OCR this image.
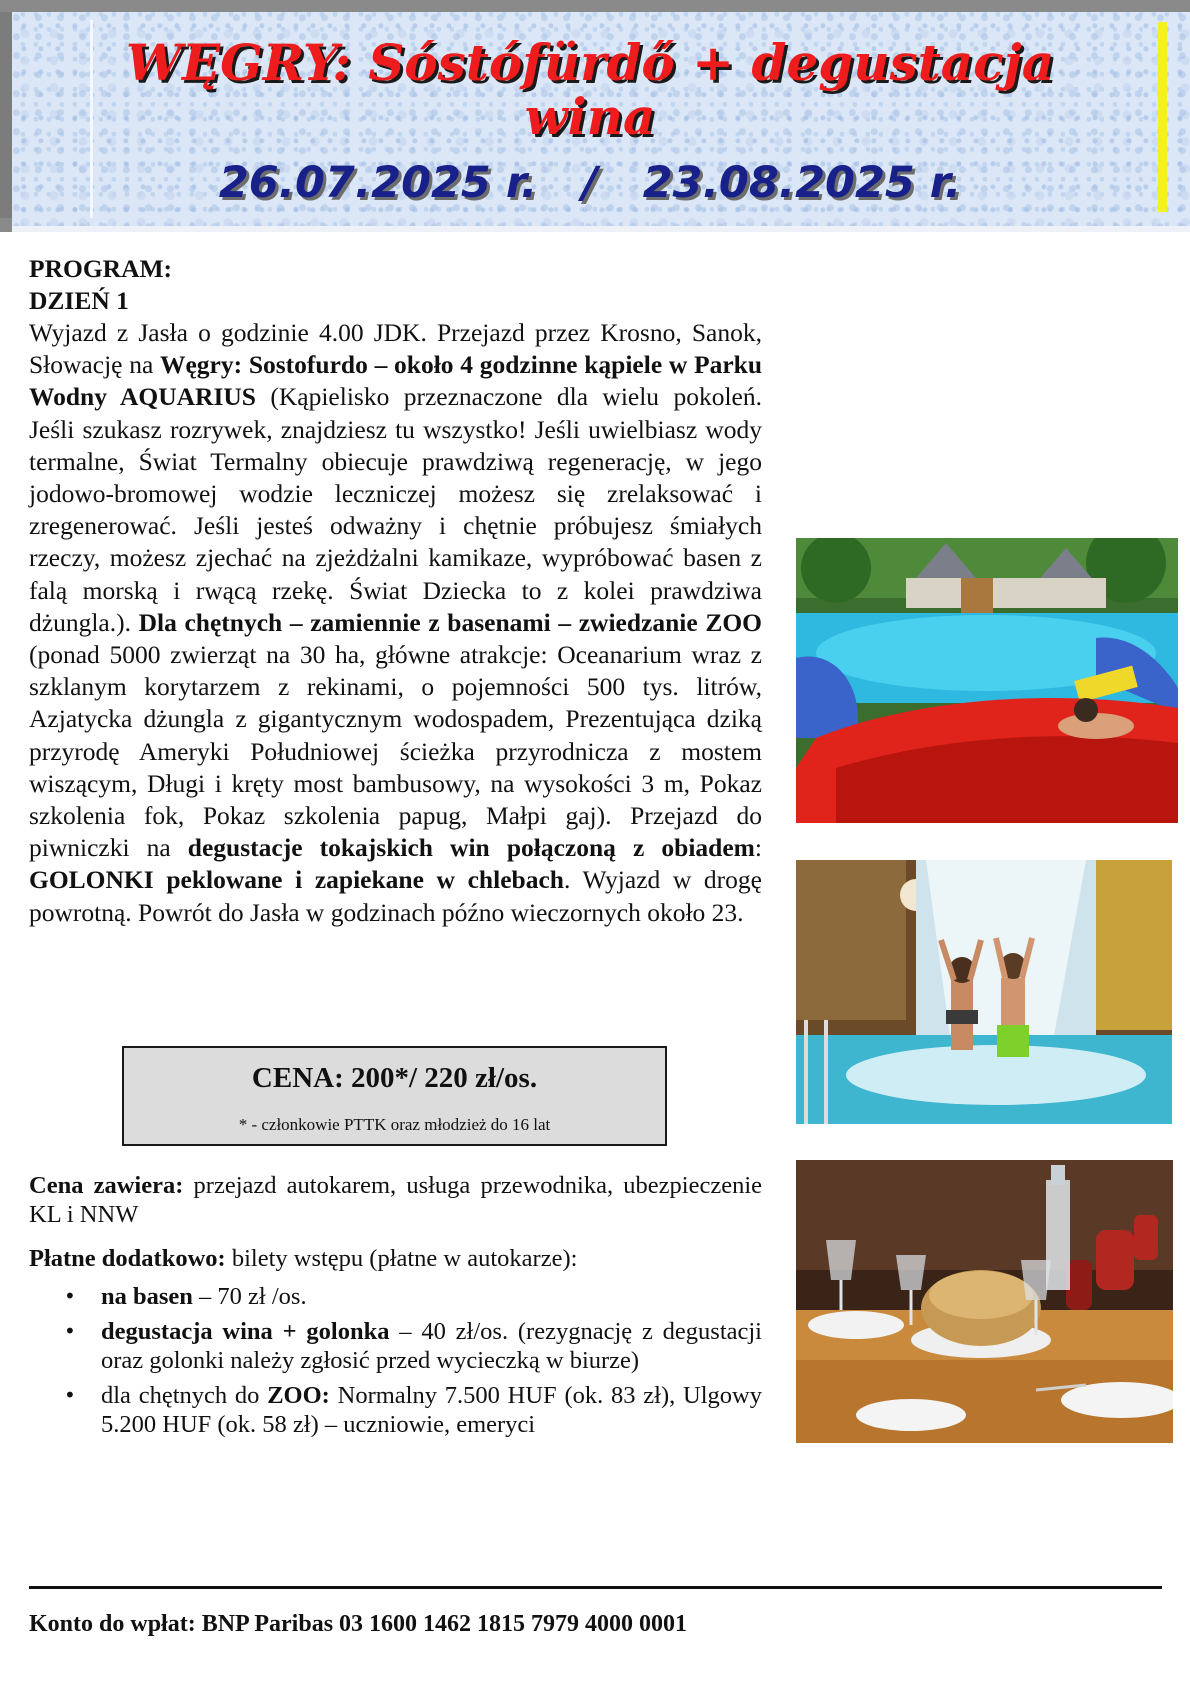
WĘGRY: Sóstófürdő + degustacja wina
26.07.2025 r.   /   23.08.2025 r.
PROGRAM:
DZIEŃ 1

Wyjazd z Jasła o godzinie 4.00 JDK. Przejazd przez Krosno, Sanok, Słowację na Węgry: Sostofurdo – około 4 godzinne kąpiele w Parku Wodny AQUARIUS (Kąpielisko przeznaczone dla wielu pokoleń. Jeśli szukasz rozrywek, znajdziesz tu wszystko! Jeśli uwielbiasz wody termalne, Świat Termalny obiecuje prawdziwą regenerację, w jego jodowo-bromowej wodzie leczniczej możesz się zrelaksować i zregenerować. Jeśli jesteś odważny i chętnie próbujesz śmiałych rzeczy, możesz zjechać na zjeżdżalni kamikaze, wypróbować basen z falą morską i rwącą rzekę. Świat Dziecka to z kolei prawdziwa dżungla.). Dla chętnych – zamiennie z basenami – zwiedzanie ZOO (ponad 5000 zwierząt na 30 ha, główne atrakcje: Oceanarium wraz z szklanym korytarzem z rekinami, o pojemności 500 tys. litrów, Azjatycka dżungla z gigantycznym wodospadem, Prezentująca dziką przyrodę Ameryki Południowej ścieżka przyrodnicza z mostem wiszącym, Długi i kręty most bambusowy, na wysokości 3 m, Pokaz szkolenia fok, Pokaz szkolenia papug, Małpi gaj). Przejazd do piwniczki na degustacje tokajskich win połączoną z obiadem: GOLONKI peklowane i zapiekane w chlebach. Wyjazd w drogę powrotną. Powrót do Jasła w godzinach późno wieczornych około 23.

CENA: 200*/ 220 zł/os.
* - członkowie PTTK oraz młodzież do 16 lat

Cena zawiera: przejazd autokarem, usługa przewodnika, ubezpieczenie KL i NNW

Płatne dodatkowo: bilety wstępu (płatne w autokarze):

• na basen – 70 zł /os.
• degustacja wina + golonka – 40 zł/os. (rezygnację z degustacji oraz golonki należy zgłosić przed wycieczką w biurze)
• dla chętnych do ZOO: Normalny 7.500 HUF (ok. 83 zł), Ulgowy 5.200 HUF (ok. 58 zł) – uczniowie, emeryci
Konto do wpłat: BNP Paribas 03 1600 1462 1815 7979 4000 0001
